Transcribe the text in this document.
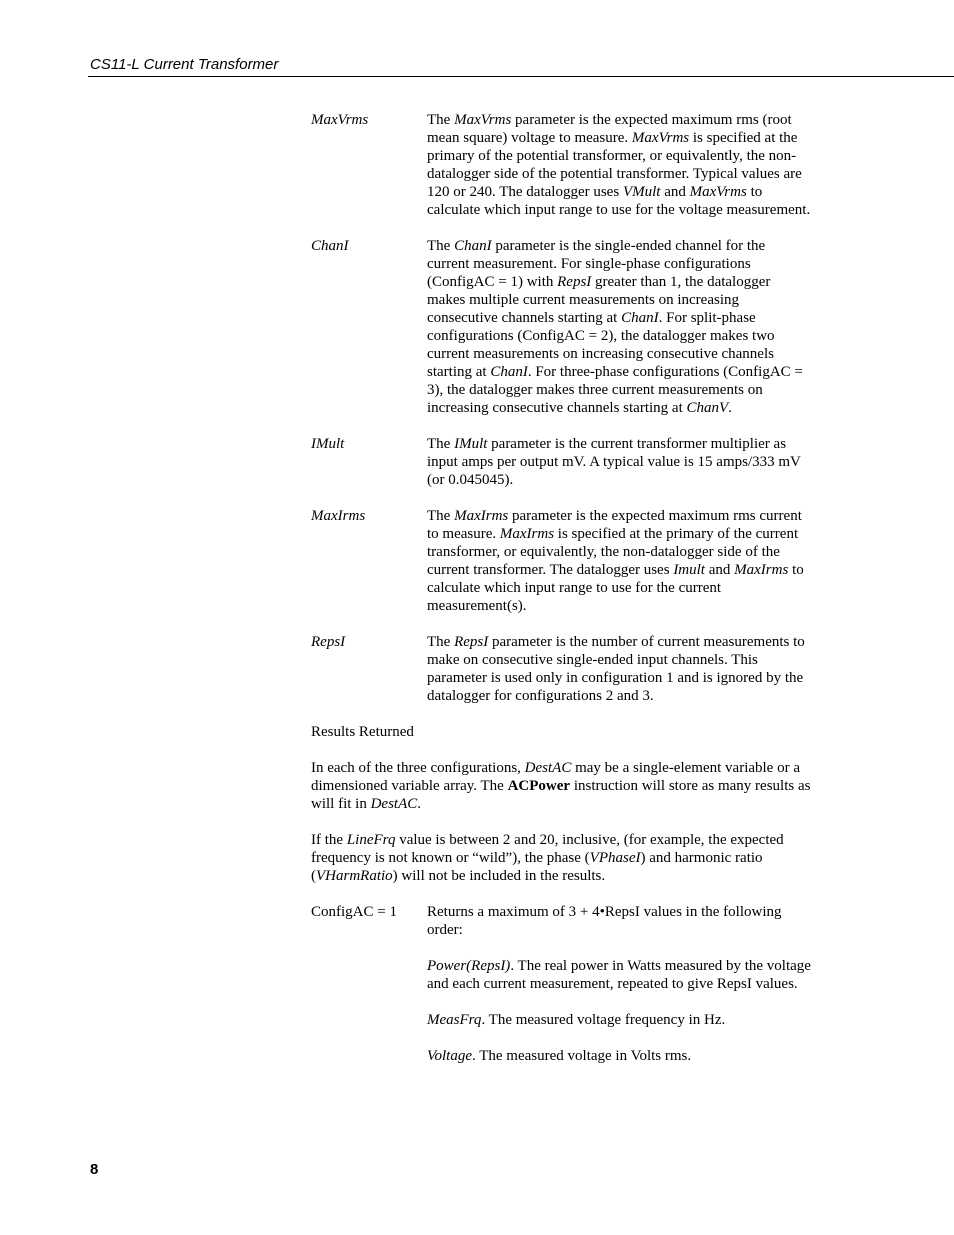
CS11-L Current Transformer
MaxVrms	The MaxVrms parameter is the expected maximum rms (root mean square) voltage to measure. MaxVrms is specified at the primary of the potential transformer, or equivalently, the non-datalogger side of the potential transformer. Typical values are 120 or 240. The datalogger uses VMult and MaxVrms to calculate which input range to use for the voltage measurement.
ChanI	The ChanI parameter is the single-ended channel for the current measurement. For single-phase configurations (ConfigAC = 1) with RepsI greater than 1, the datalogger makes multiple current measurements on increasing consecutive channels starting at ChanI. For split-phase configurations (ConfigAC = 2), the datalogger makes two current measurements on increasing consecutive channels starting at ChanI. For three-phase configurations (ConfigAC = 3), the datalogger makes three current measurements on increasing consecutive channels starting at ChanV.
IMult	The IMult parameter is the current transformer multiplier as input amps per output mV. A typical value is 15 amps/333 mV (or 0.045045).
MaxIrms	The MaxIrms parameter is the expected maximum rms current to measure. MaxIrms is specified at the primary of the current transformer, or equivalently, the non-datalogger side of the current transformer. The datalogger uses Imult and MaxIrms to calculate which input range to use for the current measurement(s).
RepsI	The RepsI parameter is the number of current measurements to make on consecutive single-ended input channels. This parameter is used only in configuration 1 and is ignored by the datalogger for configurations 2 and 3.
Results Returned
In each of the three configurations, DestAC may be a single-element variable or a dimensioned variable array. The ACPower instruction will store as many results as will fit in DestAC.
If the LineFrq value is between 2 and 20, inclusive, (for example, the expected frequency is not known or “wild”), the phase (VPhaseI) and harmonic ratio (VHarmRatio) will not be included in the results.
ConfigAC = 1	Returns a maximum of 3 + 4•RepsI values in the following order:

Power(RepsI). The real power in Watts measured by the voltage and each current measurement, repeated to give RepsI values.

MeasFrq. The measured voltage frequency in Hz.

Voltage. The measured voltage in Volts rms.

8
